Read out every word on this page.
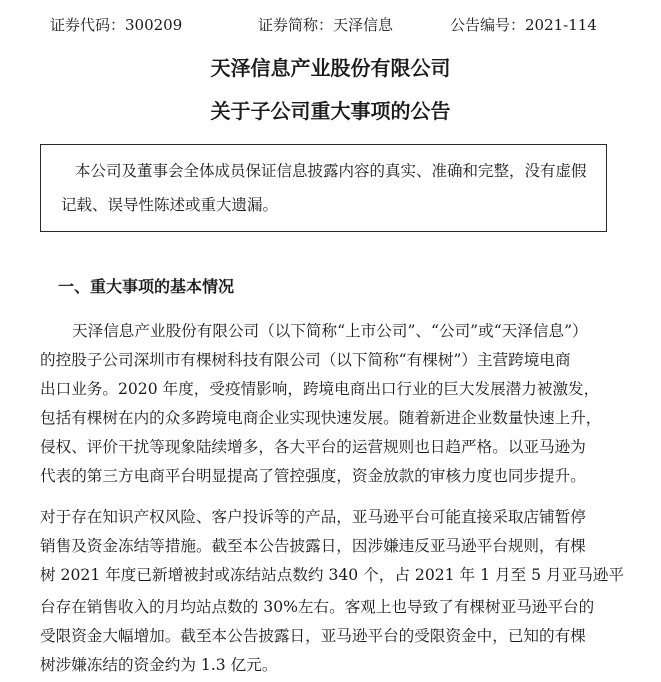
证券代码：300209	证券简称：天泽信息	公告编号：2021-114
天泽信息产业股份有限公司
关于子公司重大事项的公告

本公司及董事会全体成员保证信息披露内容的真实、准确和完整，没有虚假

记载、误导性陈述或重大遗漏。

一、重大事项的基本情况
天泽信息产业股份有限公司（以下简称“上市公司”、“公司”或“天泽信息”）
的控股子公司深圳市有棵树科技有限公司（以下简称“有棵树”）主营跨境电商
出口业务。2020 年度，受疫情影响，跨境电商出口行业的巨大发展潜力被激发，
包括有棵树在内的众多跨境电商企业实现快速发展。随着新进企业数量快速上升，
侵权、评价干扰等现象陆续增多，各大平台的运营规则也日趋严格。以亚马逊为
代表的第三方电商平台明显提高了管控强度，资金放款的审核力度也同步提升。
对于存在知识产权风险、客户投诉等的产品，亚马逊平台可能直接采取店铺暂停
销售及资金冻结等措施。截至本公告披露日，因涉嫌违反亚马逊平台规则，有棵
树 2021 年度已新增被封或冻结站点数约 340 个，占 2021 年 1 月至 5 月亚马逊平
台存在销售收入的月均站点数的 30%左右。客观上也导致了有棵树亚马逊平台的
受限资金大幅增加。截至本公告披露日，亚马逊平台的受限资金中，已知的有棵
树涉嫌冻结的资金约为 1.3 亿元。
